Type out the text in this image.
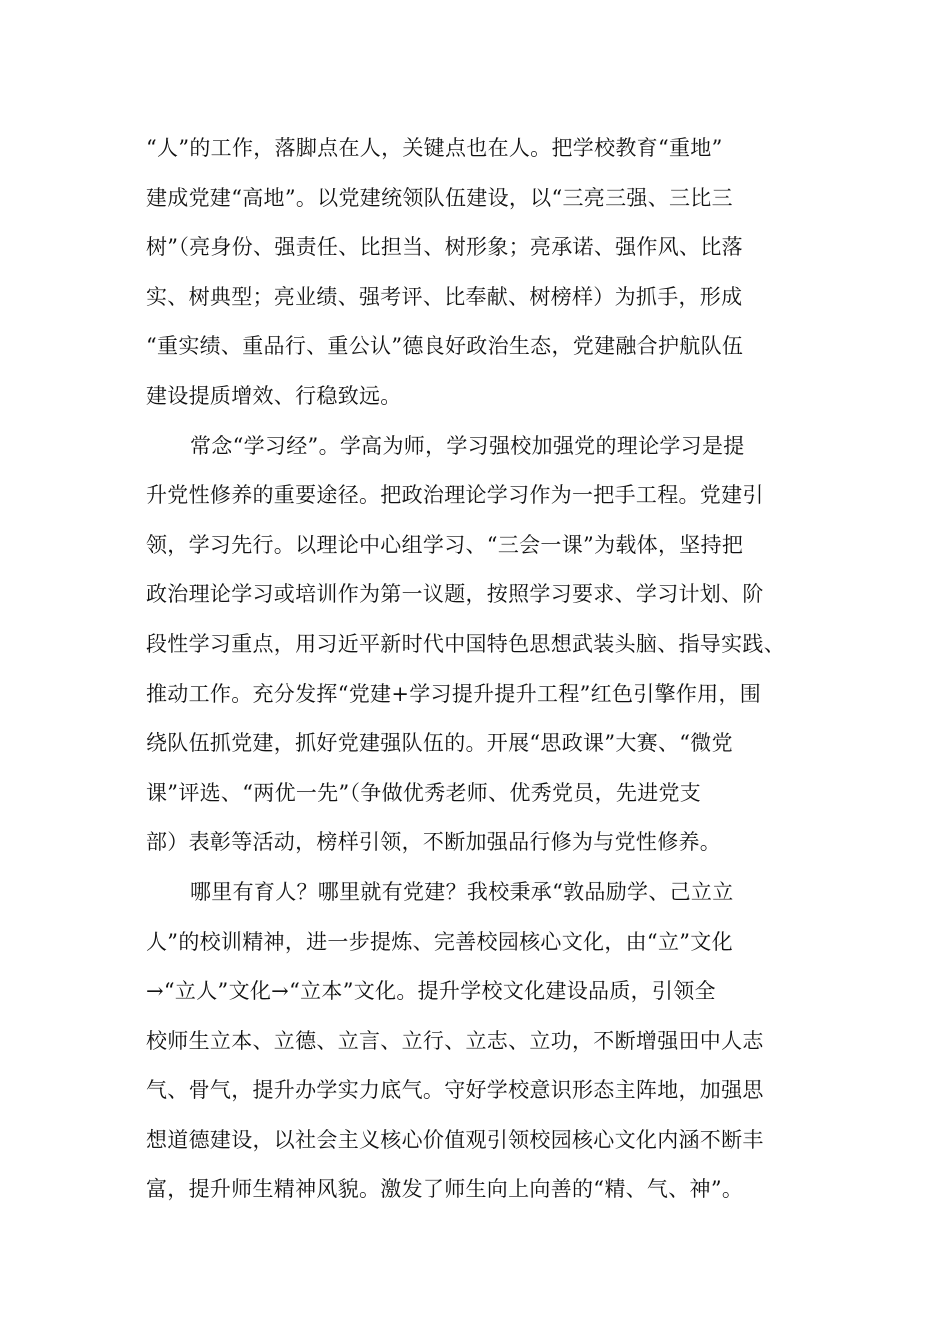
“人”的工作，落脚点在人，关键点也在人。把学校教育“重地”
建成党建“高地”。以党建统领队伍建设，以“三亮三强、三比三
树”（亮身份、强责任、比担当、树形象；亮承诺、强作风、比落
实、树典型；亮业绩、强考评、比奉献、树榜样）为抓手，形成
“重实绩、重品行、重公认”德良好政治生态，党建融合护航队伍
建设提质增效、行稳致远。
常念“学习经”。学高为师，学习强校加强党的理论学习是提
升党性修养的重要途径。把政治理论学习作为一把手工程。党建引
领，学习先行。以理论中心组学习、“三会一课”为载体，坚持把
政治理论学习或培训作为第一议题，按照学习要求、学习计划、阶
段性学习重点，用习近平新时代中国特色思想武装头脑、指导实践、
推动工作。充分发挥“党建+学习提升提升工程”红色引擎作用，围
绕队伍抓党建，抓好党建强队伍的。开展“思政课”大赛、“微党
课”评选、“两优一先”（争做优秀老师、优秀党员，先进党支
部）表彰等活动，榜样引领，不断加强品行修为与党性修养。
哪里有育人？哪里就有党建？我校秉承“敦品励学、己立立
人”的校训精神，进一步提炼、完善校园核心文化，由“立”文化
→“立人”文化→“立本”文化。提升学校文化建设品质，引领全
校师生立本、立德、立言、立行、立志、立功，不断增强田中人志
气、骨气，提升办学实力底气。守好学校意识形态主阵地，加强思
想道德建设，以社会主义核心价值观引领校园核心文化内涵不断丰
富，提升师生精神风貌。激发了师生向上向善的“精、气、神”。
